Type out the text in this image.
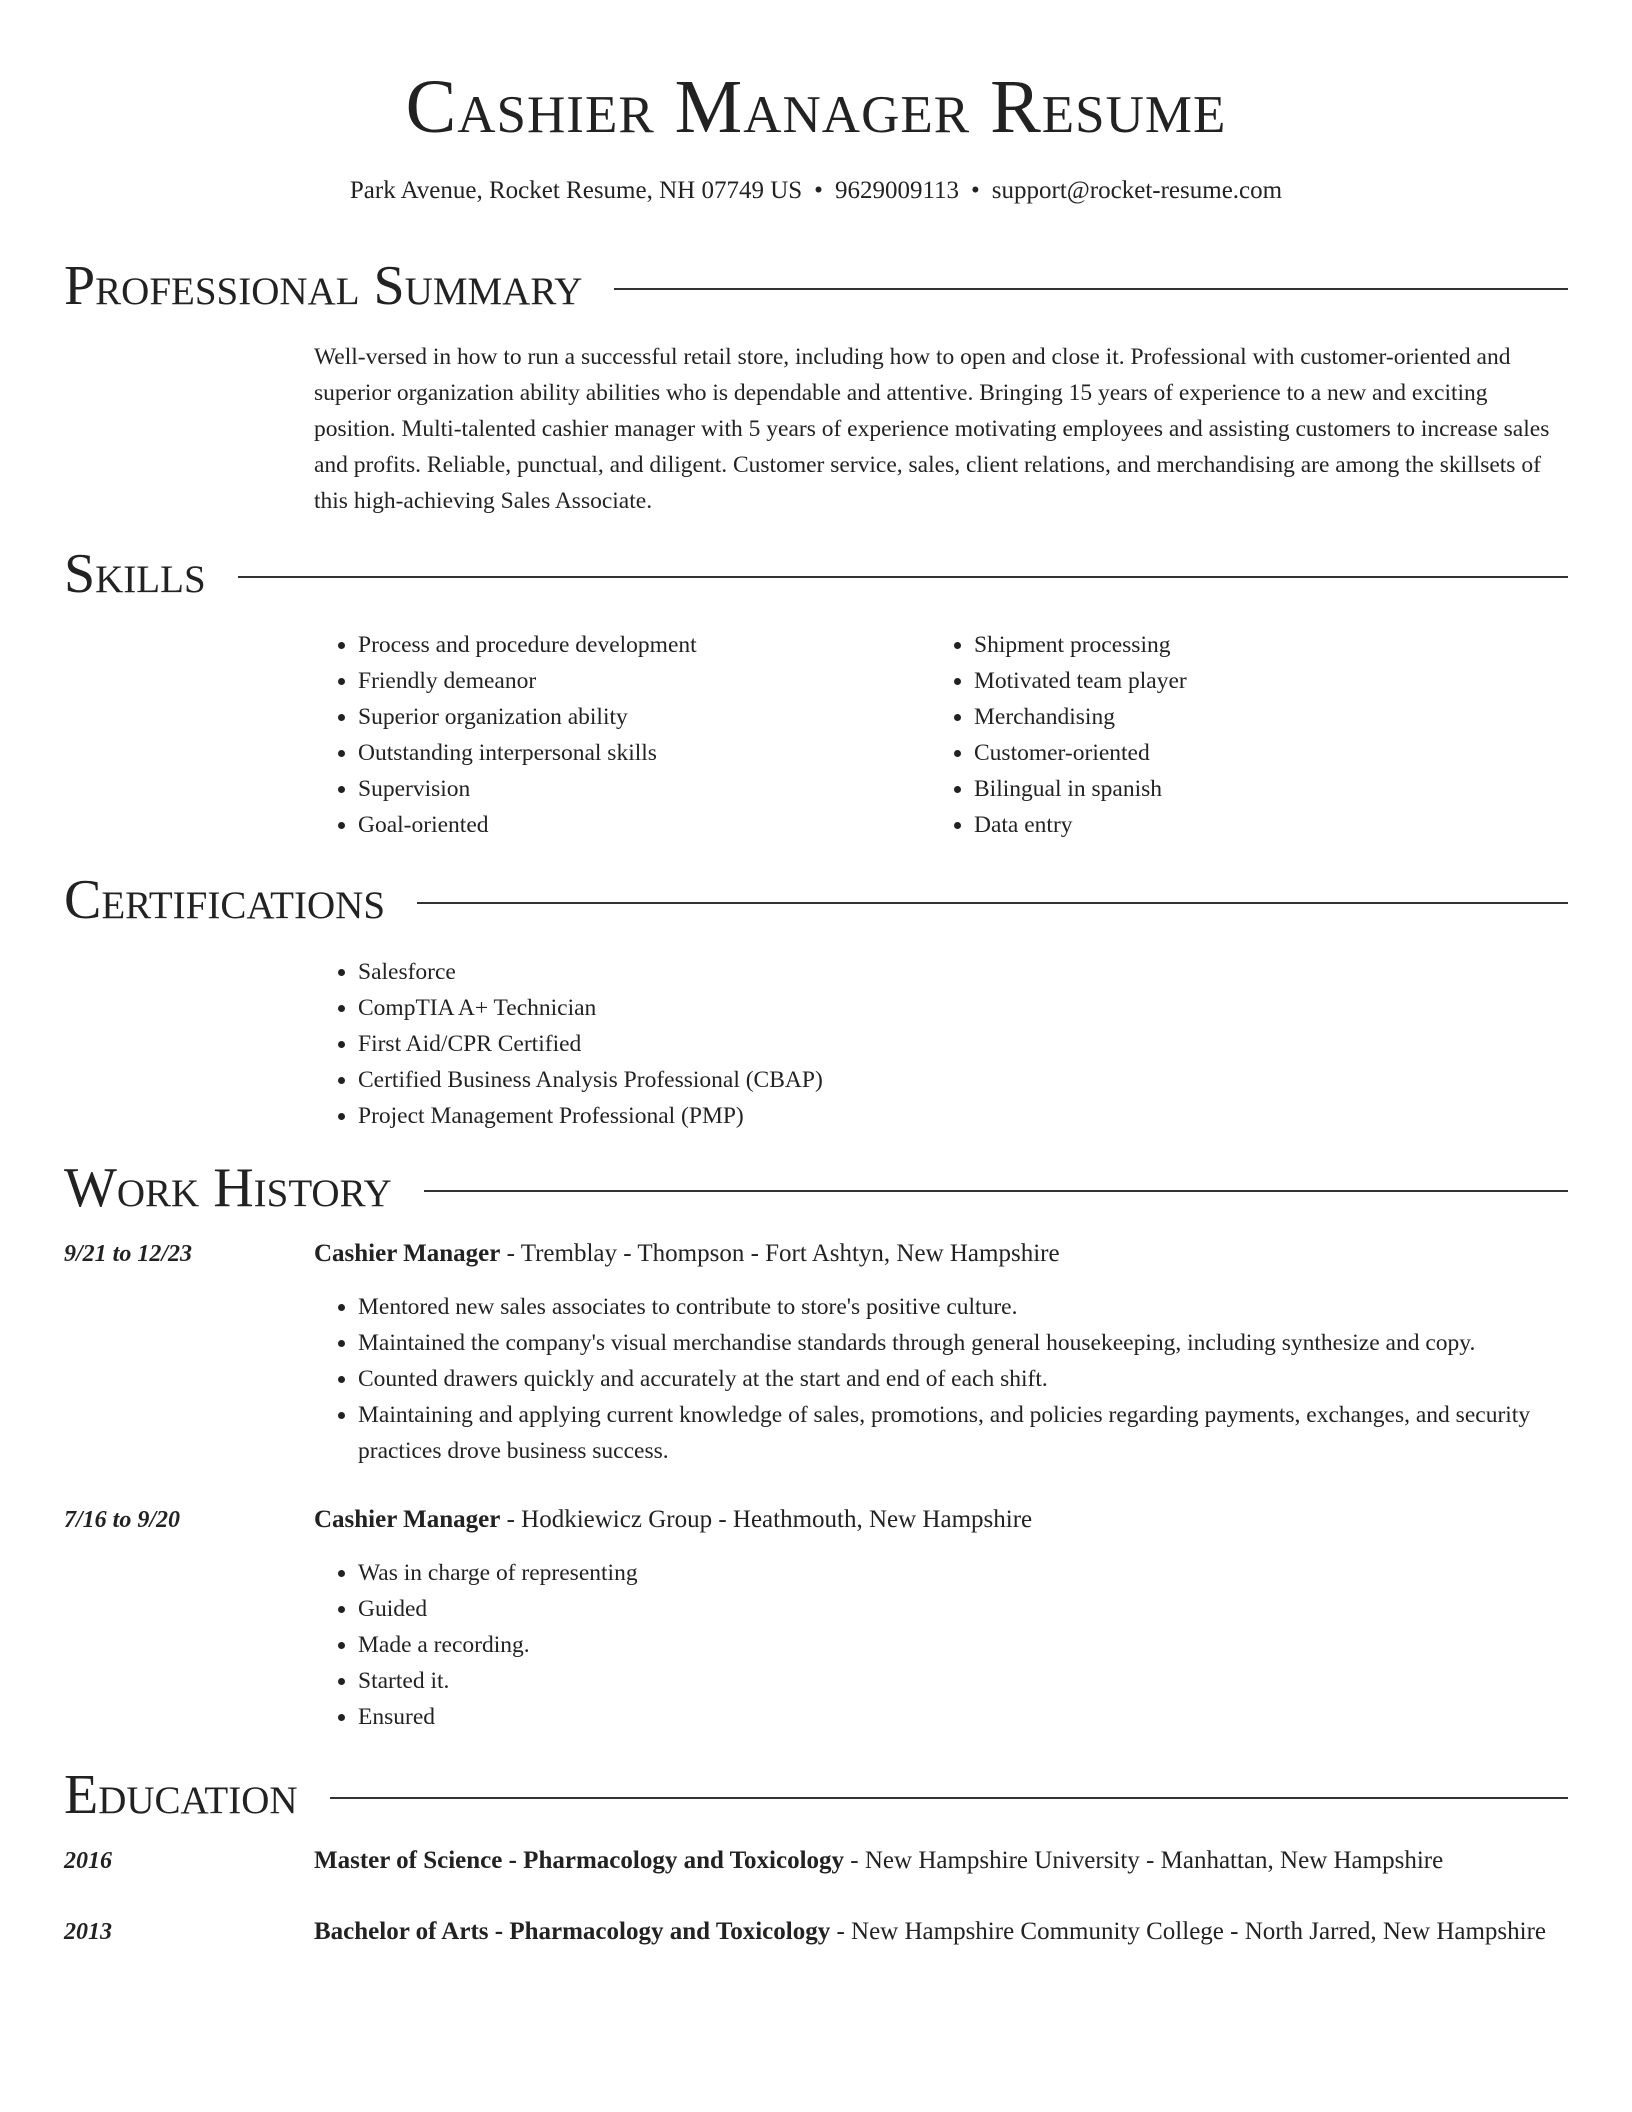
Cashier Manager Resume
Park Avenue, Rocket Resume, NH 07749 US • 9629009113 • support@rocket-resume.com
Professional Summary

Well-versed in how to run a successful retail store, including how to open and close it. Professional with customer-oriented and superior organization ability abilities who is dependable and attentive. Bringing 15 years of experience to a new and exciting position. Multi-talented cashier manager with 5 years of experience motivating employees and assisting customers to increase sales and profits. Reliable, punctual, and diligent. Customer service, sales, client relations, and merchandising are among the skillsets of this high-achieving Sales Associate.

Skills
• Process and procedure development
• Friendly demeanor
• Superior organization ability
• Outstanding interpersonal skills
• Supervision
• Goal-oriented
• Shipment processing
• Motivated team player
• Merchandising
• Customer-oriented
• Bilingual in spanish
• Data entry
Certifications
• Salesforce
• CompTIA A+ Technician
• First Aid/CPR Certified
• Certified Business Analysis Professional (CBAP)
• Project Management Professional (PMP)
Work History
9/21 to 12/23	Cashier Manager - Tremblay - Thompson - Fort Ashtyn, New Hampshire
• Mentored new sales associates to contribute to store's positive culture.
• Maintained the company's visual merchandise standards through general housekeeping, including synthesize and copy.
• Counted drawers quickly and accurately at the start and end of each shift.
• Maintaining and applying current knowledge of sales, promotions, and policies regarding payments, exchanges, and security practices drove business success.
7/16 to 9/20	Cashier Manager - Hodkiewicz Group - Heathmouth, New Hampshire
• Was in charge of representing
• Guided
• Made a recording.
• Started it.
• Ensured
Education
2016	Master of Science - Pharmacology and Toxicology - New Hampshire University - Manhattan, New Hampshire
2013	Bachelor of Arts - Pharmacology and Toxicology - New Hampshire Community College - North Jarred, New Hampshire
